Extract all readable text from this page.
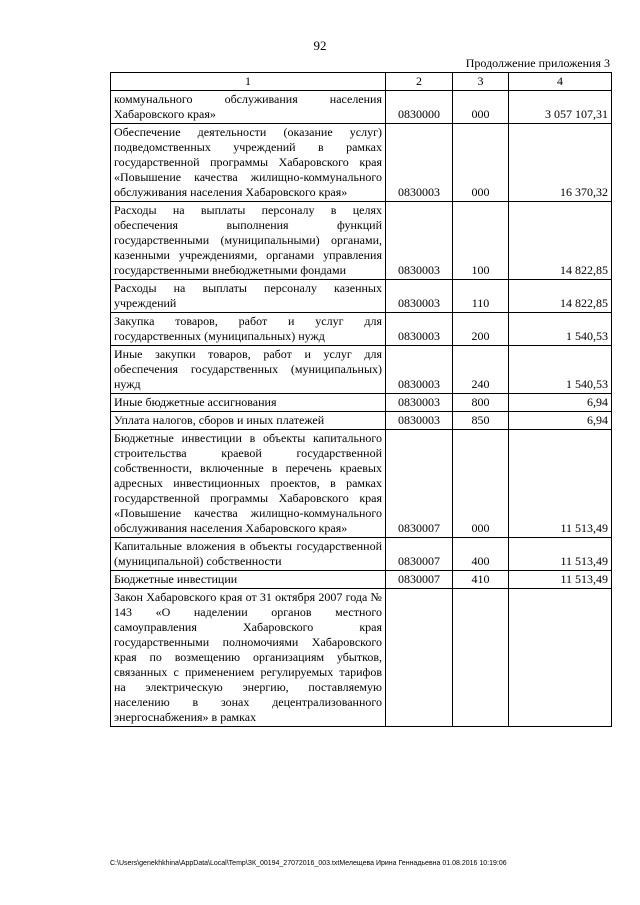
92
Продолжение приложения 3
1	2	3	4
коммунального обслуживания населения Хабаровского края»	0830000	000	3 057 107,31
Обеспечение деятельности (оказание услуг) подведомственных учреждений в рамках государственной программы Хабаровского края «Повышение качества жилищно-коммунального обслуживания населения Хабаровского края»	0830003	000	16 370,32
Расходы на выплаты персоналу в целях обеспечения выполнения функций государственными (муниципальными) органами, казенными учреждениями, органами управления государственными внебюджетными фондами	0830003	100	14 822,85
Расходы на выплаты персоналу казенных учреждений	0830003	110	14 822,85
Закупка товаров, работ и услуг для государственных (муниципальных) нужд	0830003	200	1 540,53
Иные закупки товаров, работ и услуг для обеспечения государственных (муниципальных) нужд	0830003	240	1 540,53
Иные бюджетные ассигнования	0830003	800	6,94
Уплата налогов, сборов и иных платежей	0830003	850	6,94
Бюджетные инвестиции в объекты капитального строительства краевой государственной собственности, включенные в перечень краевых адресных инвестиционных проектов, в рамках государственной программы Хабаровского края «Повышение качества жилищно-коммунального обслуживания населения Хабаровского края»	0830007	000	11 513,49
Капитальные вложения в объекты государственной (муниципальной) собственности	0830007	400	11 513,49
Бюджетные инвестиции	0830007	410	11 513,49
Закон Хабаровского края от 31 октября 2007 года № 143 «О наделении органов местного самоуправления Хабаровского края государственными полномочиями Хабаровского края по возмещению организациям убытков, связанных с применением регулируемых тарифов на электрическую энергию, поставляемую населению в зонах децентрализованного энергоснабжения» в рамках			
C:\Users\genekhkhina\AppData\Local\Temp\ЗК_00194_27072016_003.txtМелещева Ирина Геннадьевна 01.08.2016 10:19:06
